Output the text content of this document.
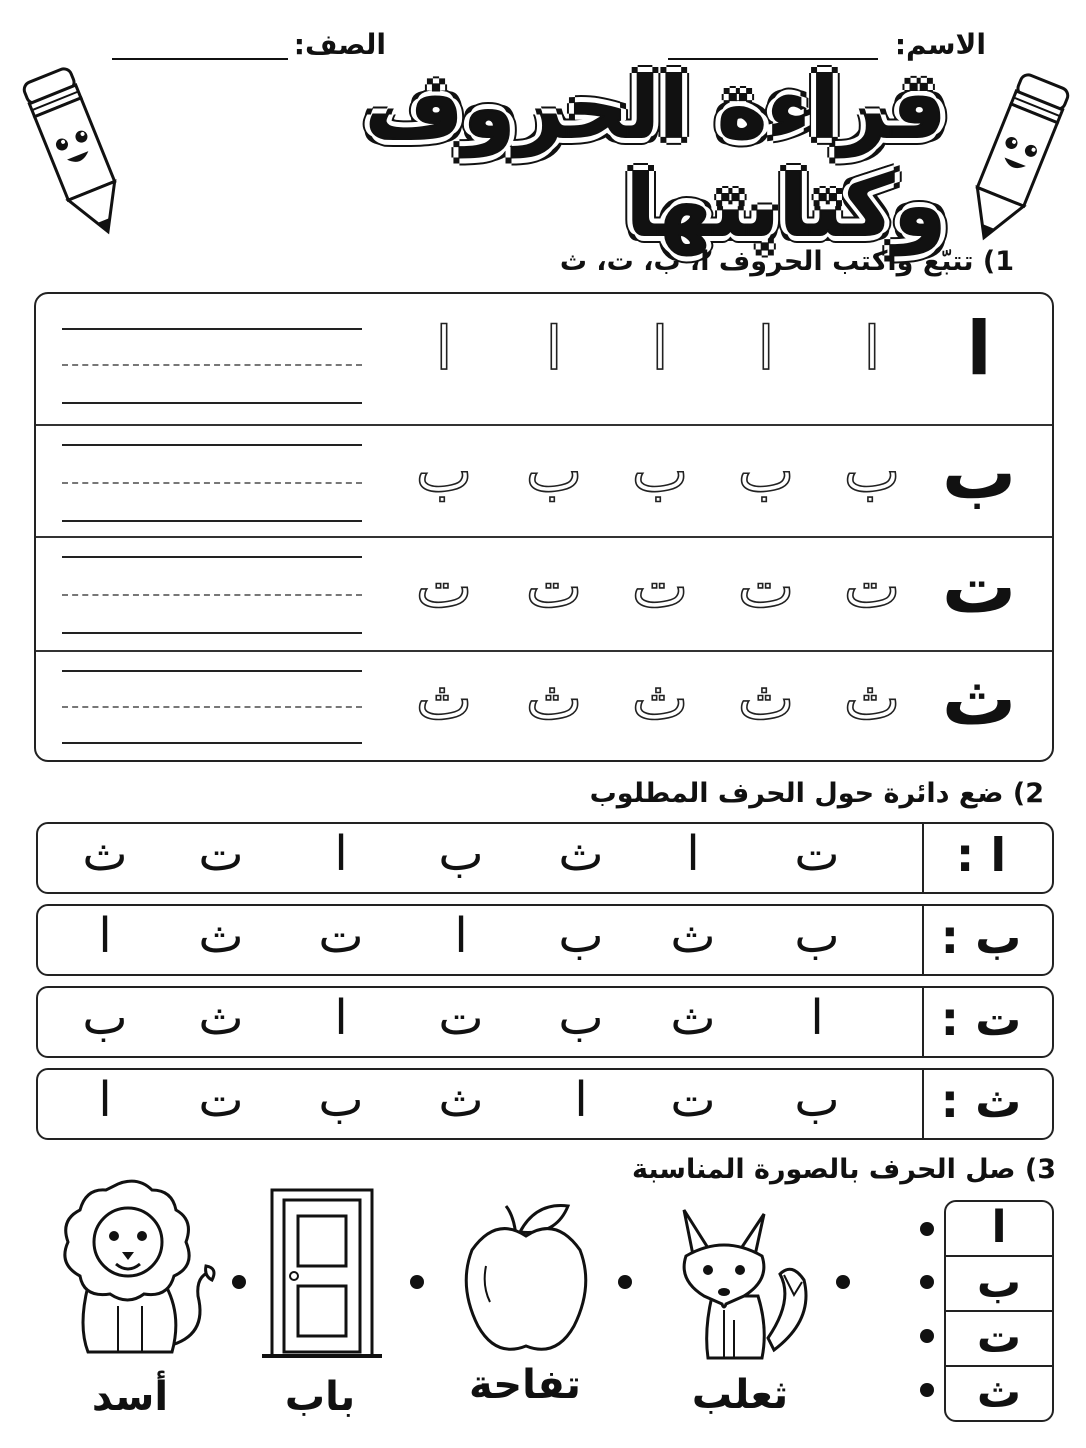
الاسم:
الصف:
قراءة الحروف وكتابتها
1) تتبّع واكتب الحروف ا، ب، ت، ث
ا
ا
ا
ا
ا
ا
ب
ب
ب
ب
ب
ب
ت
ت
ت
ت
ت
ت
ث
ث
ث
ث
ث
ث
2) ضع دائرة حول الحرف المطلوب
ا :
ت
ا
ث
ب
ا
ت
ث
ب :
ب
ث
ب
ا
ت
ث
ا
ت :
ا
ث
ب
ت
ا
ث
ب
ث :
ب
ت
ا
ث
ب
ت
ا
3) صل الحرف بالصورة المناسبة
ا
ب
ت
ث
ثعلب
تفاحة
باب
أسد
